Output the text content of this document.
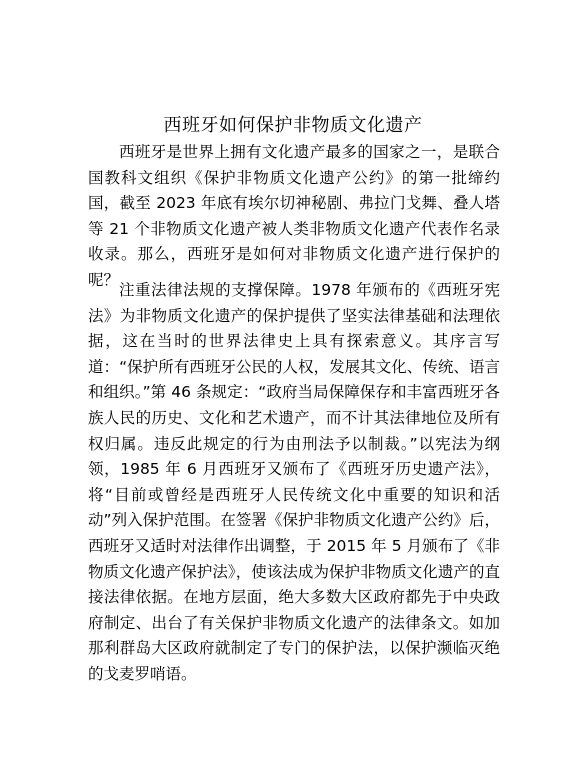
西班牙如何保护非物质文化遗产

西班牙是世界上拥有文化遗产最多的国家之一，是联合国教科文组织《保护非物质文化遗产公约》的第一批缔约国，截至 2023 年底有埃尔切神秘剧、弗拉门戈舞、叠人塔等 21 个非物质文化遗产被人类非物质文化遗产代表作名录收录。那么，西班牙是如何对非物质文化遗产进行保护的呢？

注重法律法规的支撑保障。1978 年颁布的《西班牙宪法》为非物质文化遗产的保护提供了坚实法律基础和法理依据，这在当时的世界法律史上具有探索意义。其序言写道：“保护所有西班牙公民的人权，发展其文化、传统、语言和组织。”第 46 条规定：“政府当局保障保存和丰富西班牙各族人民的历史、文化和艺术遗产，而不计其法律地位及所有权归属。违反此规定的行为由刑法予以制裁。”以宪法为纲领，1985 年 6 月西班牙又颁布了《西班牙历史遗产法》，将“目前或曾经是西班牙人民传统文化中重要的知识和活动”列入保护范围。在签署《保护非物质文化遗产公约》后，西班牙又适时对法律作出调整，于 2015 年 5 月颁布了《非物质文化遗产保护法》，使该法成为保护非物质文化遗产的直接法律依据。在地方层面，绝大多数大区政府都先于中央政府制定、出台了有关保护非物质文化遗产的法律条文。如加那利群岛大区政府就制定了专门的保护法，以保护濒临灭绝的戈麦罗哨语。
